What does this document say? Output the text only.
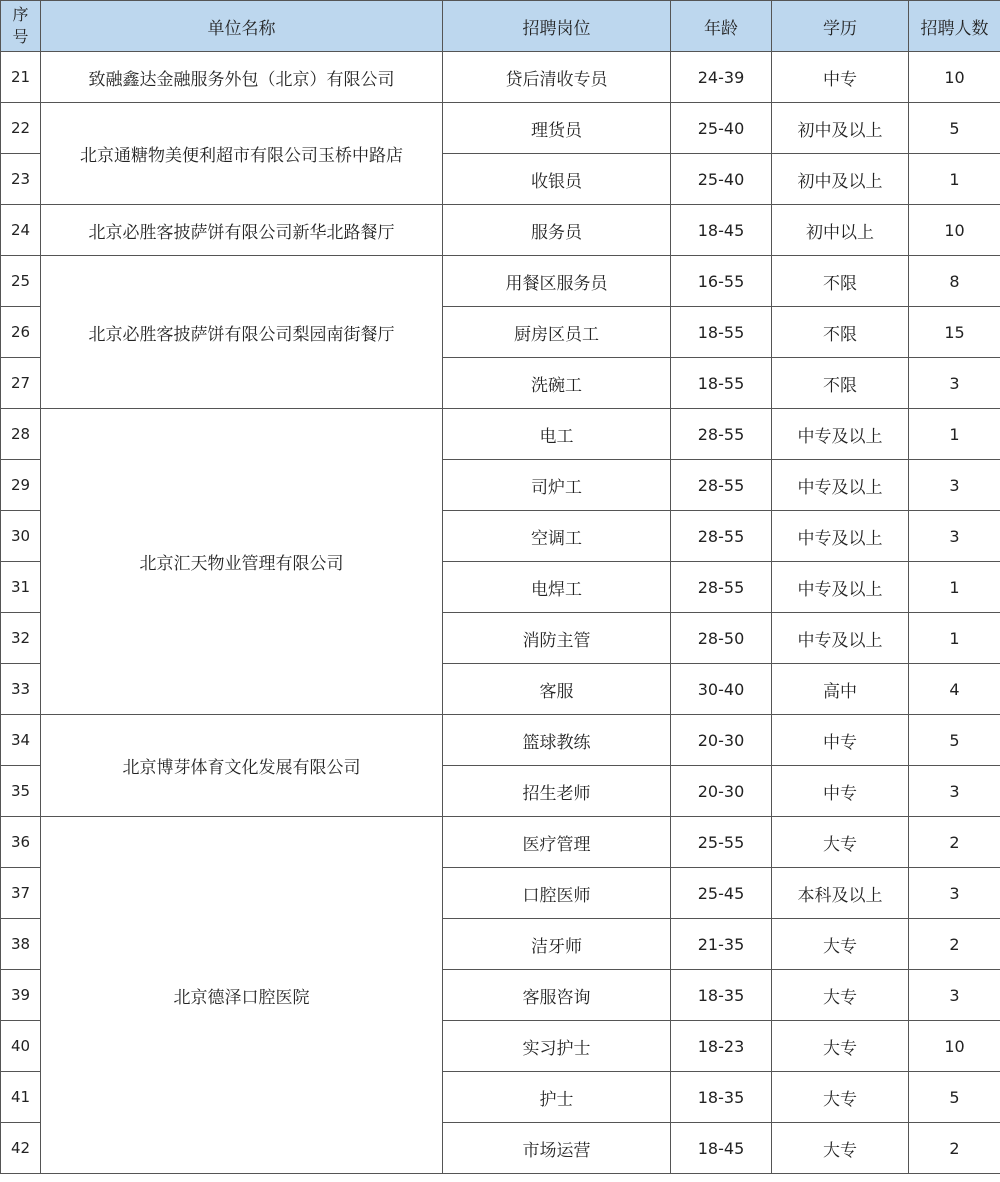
序
号	单位名称	招聘岗位	年龄	学历	招聘人数
21	致融鑫达金融服务外包（北京）有限公司	贷后清收专员	24-39	中专	10
22	北京通糖物美便利超市有限公司玉桥中路店	理货员	25-40	初中及以上	5
23		收银员	25-40	初中及以上	1
24	北京必胜客披萨饼有限公司新华北路餐厅	服务员	18-45	初中以上	10
25	北京必胜客披萨饼有限公司梨园南街餐厅	用餐区服务员	16-55	不限	8
26		厨房区员工	18-55	不限	15
27		洗碗工	18-55	不限	3
28	北京汇天物业管理有限公司	电工	28-55	中专及以上	1
29		司炉工	28-55	中专及以上	3
30		空调工	28-55	中专及以上	3
31		电焊工	28-55	中专及以上	1
32		消防主管	28-50	中专及以上	1
33		客服	30-40	高中	4
34	北京博芽体育文化发展有限公司	篮球教练	20-30	中专	5
35		招生老师	20-30	中专	3
36	北京德泽口腔医院	医疗管理	25-55	大专	2
37		口腔医师	25-45	本科及以上	3
38		洁牙师	21-35	大专	2
39		客服咨询	18-35	大专	3
40		实习护士	18-23	大专	10
41		护士	18-35	大专	5
42		市场运营	18-45	大专	2
